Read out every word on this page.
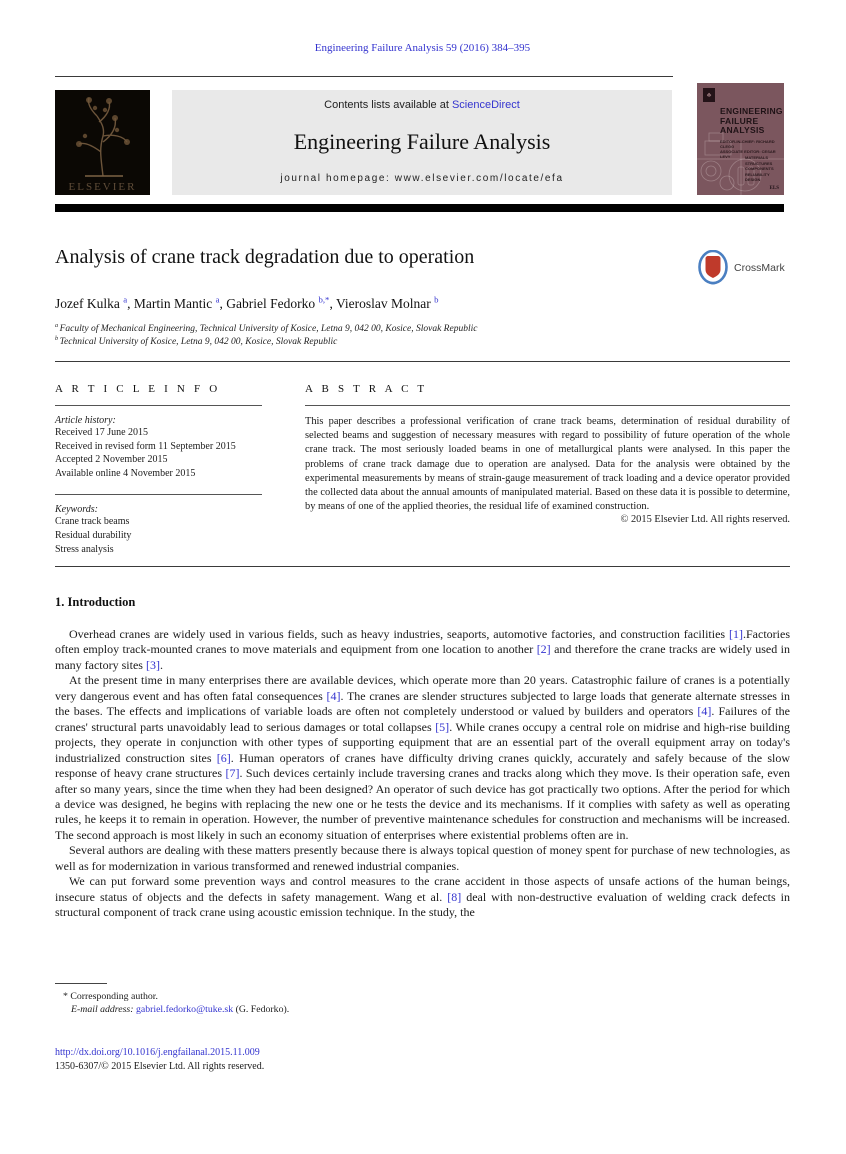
Engineering Failure Analysis 59 (2016) 384–395
ELSEVIER
Contents lists available at ScienceDirect
Engineering Failure Analysis
journal homepage: www.elsevier.com/locate/efa
♣
ENGINEERING
FAILURE
ANALYSIS
EDITOR-IN-CHIEF: RICHARD CLEGG
ASSOCIATE EDITOR: CESAR LEVY	MATERIALS
STRUCTURES
COMPONENTS
RELIABILITY
DESIGN
ELS
Analysis of crane track degradation due to operation	CrossMark
Jozef Kulka $^a$, Martin Mantic $^a$, Gabriel Fedorko $^{b,*}$, Vieroslav Molnar $^b$
$^a$ Faculty of Mechanical Engineering, Technical University of Kosice, Letna 9, 042 00, Kosice, Slovak Republic
$^b$ Technical University of Kosice, Letna 9, 042 00, Kosice, Slovak Republic
A R T I C L E I N F O
Article history:
Received 17 June 2015
Received in revised form 11 September 2015
Accepted 2 November 2015
Available online 4 November 2015
Keywords:
Crane track beams
Residual durability
Stress analysis
A B S T R A C T
This paper describes a professional verification of crane track beams, determination of residual durability of selected beams and suggestion of necessary measures with regard to possibility of future operation of the whole crane track. The most seriously loaded beams in one of metallurgical plants were analysed. In this paper the problems of crane track damage due to operation are analysed. Data for the analysis were obtained by the experimental measurements by means of strain-gauge measurement of track loading and a device operator provided the collected data about the annual amounts of manipulated material. Based on these data it is possible to determine, by means of one of the applied theories, the residual life of examined construction.
© 2015 Elsevier Ltd. All rights reserved.
1. Introduction

Overhead cranes are widely used in various fields, such as heavy industries, seaports, automotive factories, and construction facilities [1].Factories often employ track-mounted cranes to move materials and equipment from one location to another [2] and therefore the crane tracks are widely used in many factory sites [3].

At the present time in many enterprises there are available devices, which operate more than 20 years. Catastrophic failure of cranes is a potentially very dangerous event and has often fatal consequences [4]. The cranes are slender structures subjected to large loads that generate alternate stresses in the bases. The effects and implications of variable loads are often not completely understood or valued by builders and operators [4]. Failures of the cranes' structural parts unavoidably lead to serious damages or total collapses [5]. While cranes occupy a central role on midrise and high-rise building projects, they operate in conjunction with other types of supporting equipment that are an essential part of the overall equipment array on today's industrialized construction sites [6]. Human operators of cranes have difficulty driving cranes quickly, accurately and safely because of the slow response of heavy crane structures [7]. Such devices certainly include traversing cranes and tracks along which they move. Is their operation safe, even after so many years, since the time when they had been designed? An operator of such device has got practically two options. After the period for which a device was designed, he begins with replacing the new one or he tests the device and its mechanisms. If it complies with safety as well as operating rules, he keeps it to remain in operation. However, the number of preventive maintenance schedules for construction and mechanisms will be increased. The second approach is most likely in such an economy situation of enterprises where existential problems often are in.

Several authors are dealing with these matters presently because there is always topical question of money spent for purchase of new technologies, as well as for modernization in various transformed and renewed industrial companies.

We can put forward some prevention ways and control measures to the crane accident in those aspects of unsafe actions of the human beings, insecure status of objects and the defects in safety management. Wang et al. [8] deal with non-destructive evaluation of welding crack defects in structural component of track crane using acoustic emission technique. In the study, the

* Corresponding author.
E-mail address: gabriel.fedorko@tuke.sk (G. Fedorko).
http://dx.doi.org/10.1016/j.engfailanal.2015.11.009
1350-6307/© 2015 Elsevier Ltd. All rights reserved.
